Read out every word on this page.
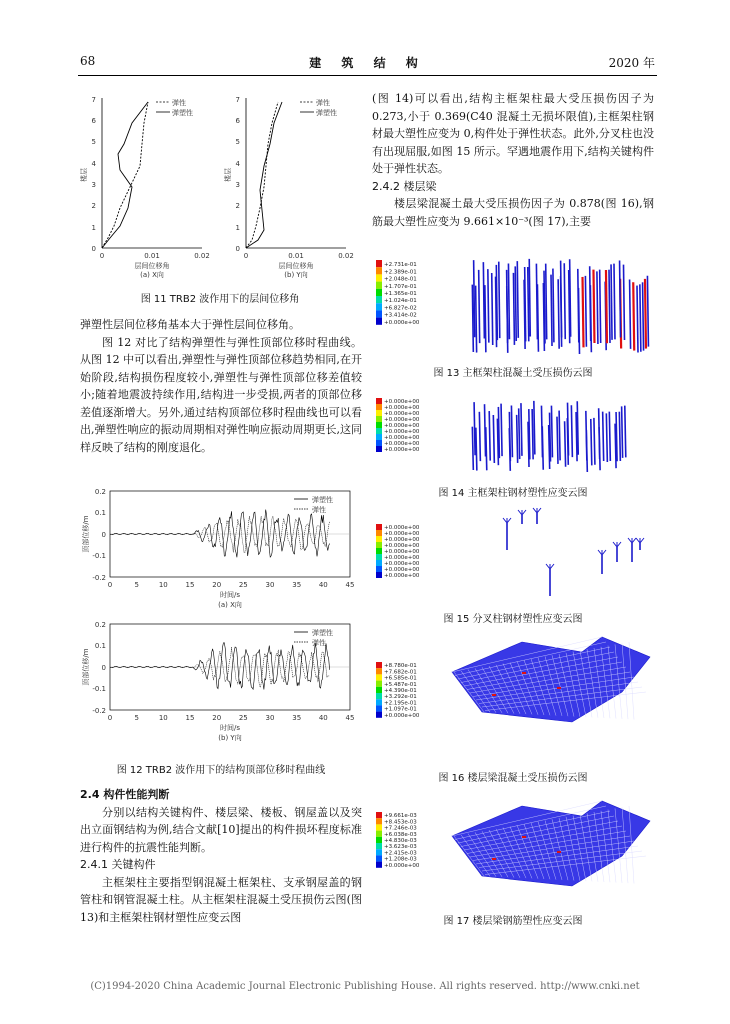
68	建 筑 结 构	2020 年
0
1
2
3
4
5
6
7
0	0.01	0.02
层间位移角
(a) X向
楼层
弹性
弹塑性
0
1
2
3
4
5
6
7
0	0.01	0.02
层间位移角
(b) Y向
楼层
弹性
弹塑性
图 11 TRB2 波作用下的层间位移角

弹塑性层间位移角基本大于弹性层间位移角。

图 12 对比了结构弹塑性与弹性顶部位移时程曲线。从图 12 中可以看出,弹塑性与弹性顶部位移趋势相同,在开始阶段,结构损伤程度较小,弹塑性与弹性顶部位移差值较小;随着地震波持续作用,结构进一步受损,两者的顶部位移差值逐渐增大。另外,通过结构顶部位移时程曲线也可以看出,弹塑性响应的振动周期相对弹性响应振动周期更长,这同样反映了结构的刚度退化。

0.2
0.1
0
-0.1
-0.2
0	5	10	15	20	25	30	35	40	45
时间/s
(a) X向
顶部位移/m
弹塑性
弹性
0.2
0.1
0
-0.1
-0.2
0	5	10	15	20	25	30	35	40	45
时间/s
(b) Y向
顶部位移/m
弹塑性
弹性
图 12 TRB2 波作用下的结构顶部位移时程曲线
2.4 构件性能判断

分别以结构关键构件、楼层梁、楼板、钢屋盖以及突出立面钢结构为例,结合文献[10]提出的构件损坏程度标准进行构件的抗震性能判断。

2.4.1 关键构件

主框架柱主要指型钢混凝土框架柱、支承钢屋盖的钢管柱和钢管混凝土柱。从主框架柱混凝土受压损伤云图(图 13)和主框架柱钢材塑性应变云图

(图 14)可以看出,结构主框架柱最大受压损伤因子为 0.273,小于 0.369(C40 混凝土无损坏限值),主框架柱钢材最大塑性应变为 0,构件处于弹性状态。此外,分叉柱也没有出现屈服,如图 15 所示。罕遇地震作用下,结构关键构件处于弹性状态。

2.4.2 楼层梁

楼层梁混凝土最大受压损伤因子为 0.878(图 16),钢筋最大塑性应变为 9.661×10⁻³(图 17),主要

+2.731e-01
+2.389e-01
+2.048e-01
+1.707e-01
+1.365e-01
+1.024e-01
+6.827e-02
+3.414e-02
+0.000e+00
图 13 主框架柱混凝土受压损伤云图
+0.000e+00
+0.000e+00
+0.000e+00
+0.000e+00
+0.000e+00
+0.000e+00
+0.000e+00
+0.000e+00
+0.000e+00
图 14 主框架柱钢材塑性应变云图
+0.000e+00
+0.000e+00
+0.000e+00
+0.000e+00
+0.000e+00
+0.000e+00
+0.000e+00
+0.000e+00
+0.000e+00
图 15 分叉柱钢材塑性应变云图
+8.780e-01
+7.682e-01
+6.585e-01
+5.487e-01
+4.390e-01
+3.292e-01
+2.195e-01
+1.097e-01
+0.000e+00
图 16 楼层梁混凝土受压损伤云图
+9.661e-03
+8.453e-03
+7.246e-03
+6.038e-03
+4.830e-03
+3.623e-03
+2.415e-03
+1.208e-03
+0.000e+00
图 17 楼层梁钢筋塑性应变云图
(C)1994-2020 China Academic Journal Electronic Publishing House. All rights reserved. http://www.cnki.net
